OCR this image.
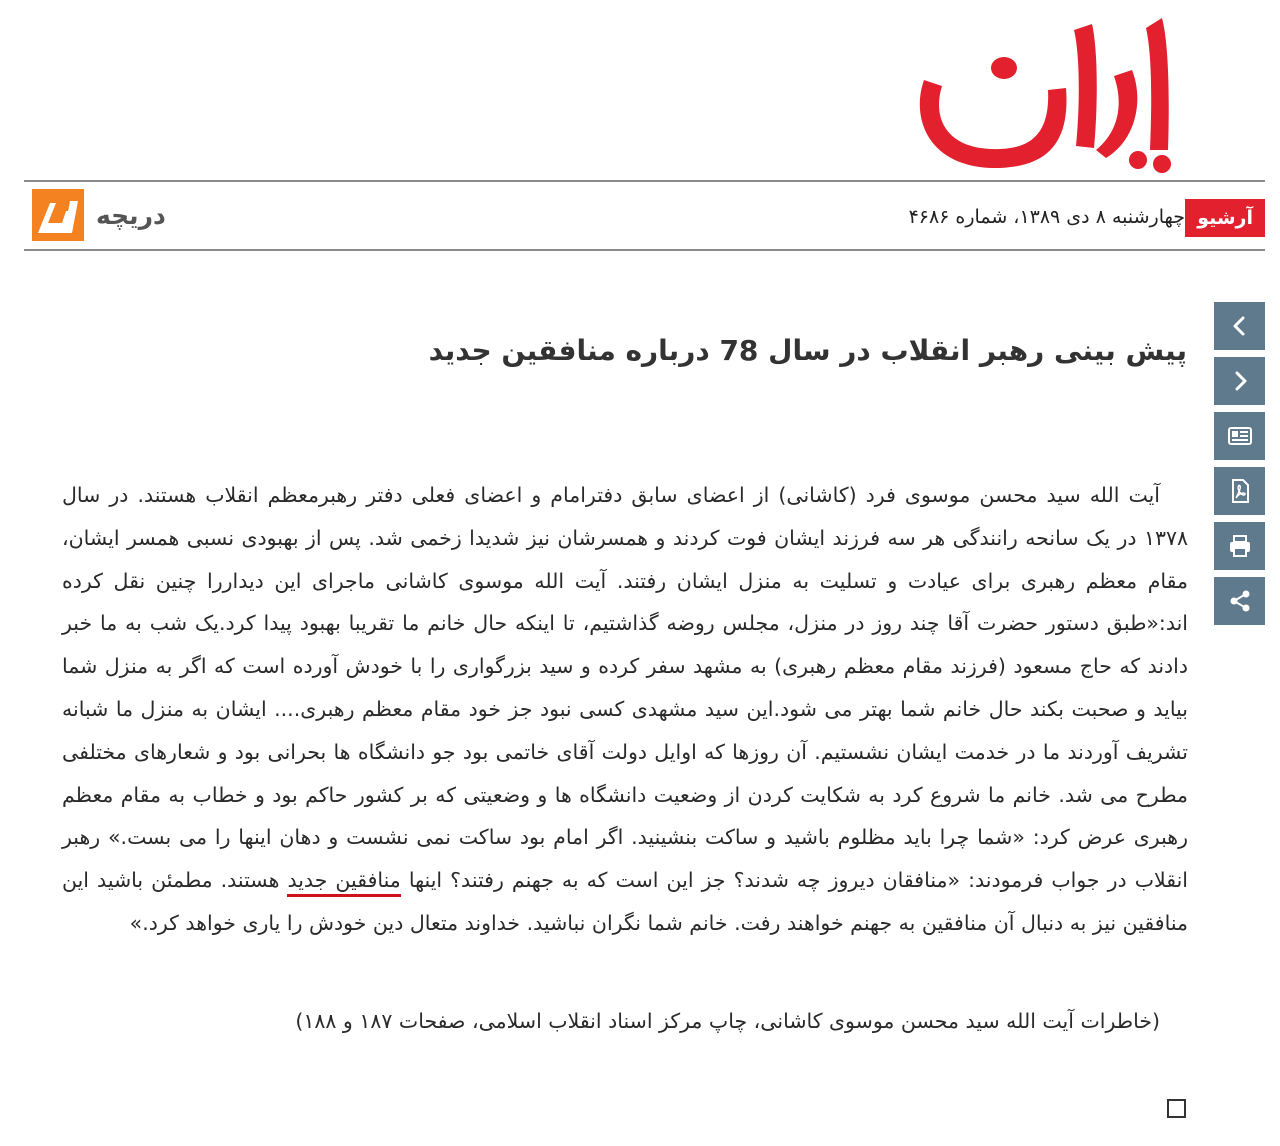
آرشیو
چهارشنبه ۸ دی ۱۳۸۹، شماره ۴۶۸۶
دریچه
پیش بینی رهبر انقلاب در سال 78 درباره منافقین جدید

آیت الله سید محسن موسوی فرد (کاشانی) از اعضای سابق دفترامام و اعضای فعلی دفتر رهبرمعظم انقلاب هستند. در سال ۱۳۷۸ در یک سانحه رانندگی هر سه فرزند ایشان فوت کردند و همسرشان نیز شدیدا زخمی شد. پس از بهبودی نسبی همسر ایشان، مقام معظم رهبری برای عیادت و تسلیت به منزل ایشان رفتند. آیت الله موسوی کاشانی ماجرای این دیداررا چنین نقل کرده اند:«طبق دستور حضرت آقا چند روز در منزل، مجلس روضه گذاشتیم، تا اینکه حال خانم ما تقریبا بهبود پیدا کرد.یک شب به ما خبر دادند که حاج مسعود (فرزند مقام معظم رهبری) به مشهد سفر کرده و سید بزرگواری را با خودش آورده است که اگر به منزل شما بیاید و صحبت بکند حال خانم شما بهتر می شود.این سید مشهدی کسی نبود جز خود مقام معظم رهبری.... ایشان به منزل ما شبانه تشریف آوردند ما در خدمت ایشان نشستیم. آن روزها که اوایل دولت آقای خاتمی بود جو دانشگاه ها بحرانی بود و شعارهای مختلفی مطرح می شد. خانم ما شروع کرد به شکایت کردن از وضعیت دانشگاه ها و وضعیتی که بر کشور حاکم بود و خطاب به مقام معظم رهبری عرض کرد: «شما چرا باید مظلوم باشید و ساکت بنشینید. اگر امام بود ساکت نمی نشست و دهان اینها را می بست.» رهبر انقلاب در جواب فرمودند: «منافقان دیروز چه شدند؟ جز این است که به جهنم رفتند؟ اینها منافقین جدید هستند. مطمئن باشید این منافقین نیز به دنبال آن منافقین به جهنم خواهند رفت. خانم شما نگران نباشید. خداوند متعال دین خودش را یاری خواهد کرد.»

(خاطرات آیت الله سید محسن موسوی کاشانی، چاپ مرکز اسناد انقلاب اسلامی، صفحات ۱۸۷ و ۱۸۸)
